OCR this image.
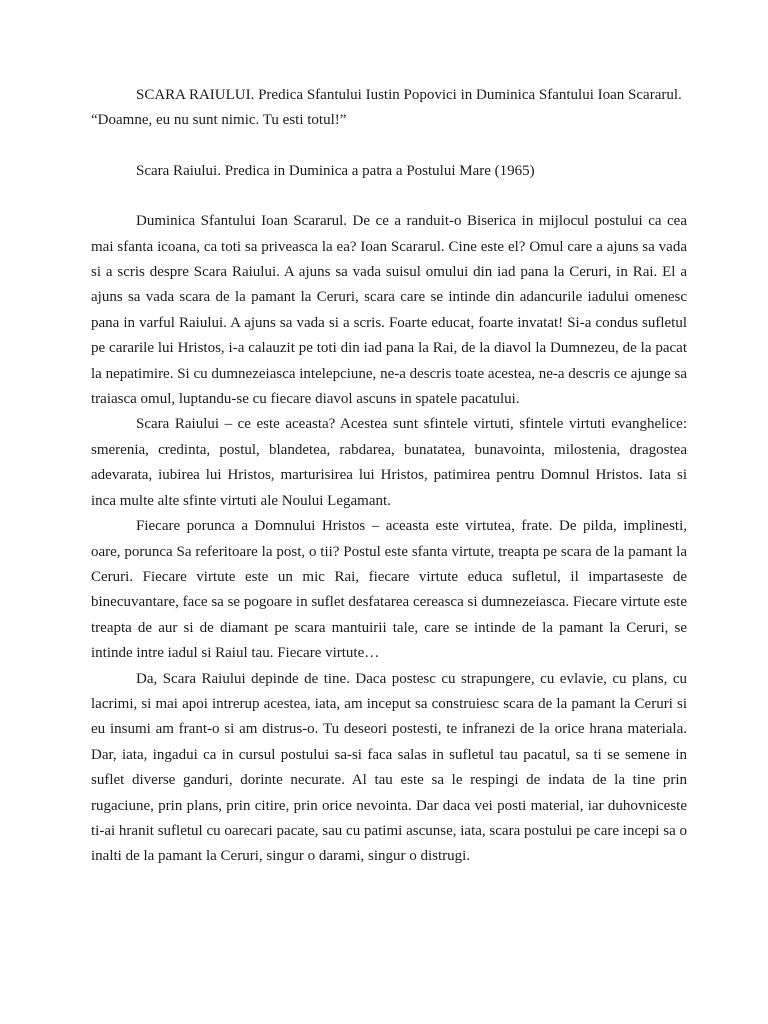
SCARA RAIULUI. Predica Sfantului Iustin Popovici in Duminica Sfantului Ioan Scararul. “Doamne, eu nu sunt nimic. Tu esti totul!”

Scara Raiului. Predica in Duminica a patra a Postului Mare (1965)

Duminica Sfantului Ioan Scararul. De ce a randuit-o Biserica in mijlocul postului ca cea mai sfanta icoana, ca toti sa priveasca la ea? Ioan Scararul. Cine este el? Omul care a ajuns sa vada si a scris despre Scara Raiului. A ajuns sa vada suisul omului din iad pana la Ceruri, in Rai. El a ajuns sa vada scara de la pamant la Ceruri, scara care se intinde din adancurile iadului omenesc pana in varful Raiului. A ajuns sa vada si a scris. Foarte educat, foarte invatat! Si-a condus sufletul pe cararile lui Hristos, i-a calauzit pe toti din iad pana la Rai, de la diavol la Dumnezeu, de la pacat la nepatimire. Si cu dumnezeiasca intelepciune, ne-a descris toate acestea, ne-a descris ce ajunge sa traiasca omul, luptandu-se cu fiecare diavol ascuns in spatele pacatului.

Scara Raiului – ce este aceasta? Acestea sunt sfintele virtuti, sfintele virtuti evanghelice: smerenia, credinta, postul, blandetea, rabdarea, bunatatea, bunavointa, milostenia, dragostea adevarata, iubirea lui Hristos, marturisirea lui Hristos, patimirea pentru Domnul Hristos. Iata si inca multe alte sfinte virtuti ale Noului Legamant.

Fiecare porunca a Domnului Hristos – aceasta este virtutea, frate. De pilda, implinesti, oare, porunca Sa referitoare la post, o tii? Postul este sfanta virtute, treapta pe scara de la pamant la Ceruri. Fiecare virtute este un mic Rai, fiecare virtute educa sufletul, il impartaseste de binecuvantare, face sa se pogoare in suflet desfatarea cereasca si dumnezeiasca. Fiecare virtute este treapta de aur si de diamant pe scara mantuirii tale, care se intinde de la pamant la Ceruri, se intinde intre iadul si Raiul tau. Fiecare virtute…

Da, Scara Raiului depinde de tine. Daca postesc cu strapungere, cu evlavie, cu plans, cu lacrimi, si mai apoi intrerup acestea, iata, am inceput sa construiesc scara de la pamant la Ceruri si eu insumi am frant-o si am distrus-o. Tu deseori postesti, te infranezi de la orice hrana materiala. Dar, iata, ingadui ca in cursul postului sa-si faca salas in sufletul tau pacatul, sa ti se semene in suflet diverse ganduri, dorinte necurate. Al tau este sa le respingi de indata de la tine prin rugaciune, prin plans, prin citire, prin orice nevointa. Dar daca vei posti material, iar duhovniceste ti-ai hranit sufletul cu oarecari pacate, sau cu patimi ascunse, iata, scara postului pe care incepi sa o inalti de la pamant la Ceruri, singur o darami, singur o distrugi.
